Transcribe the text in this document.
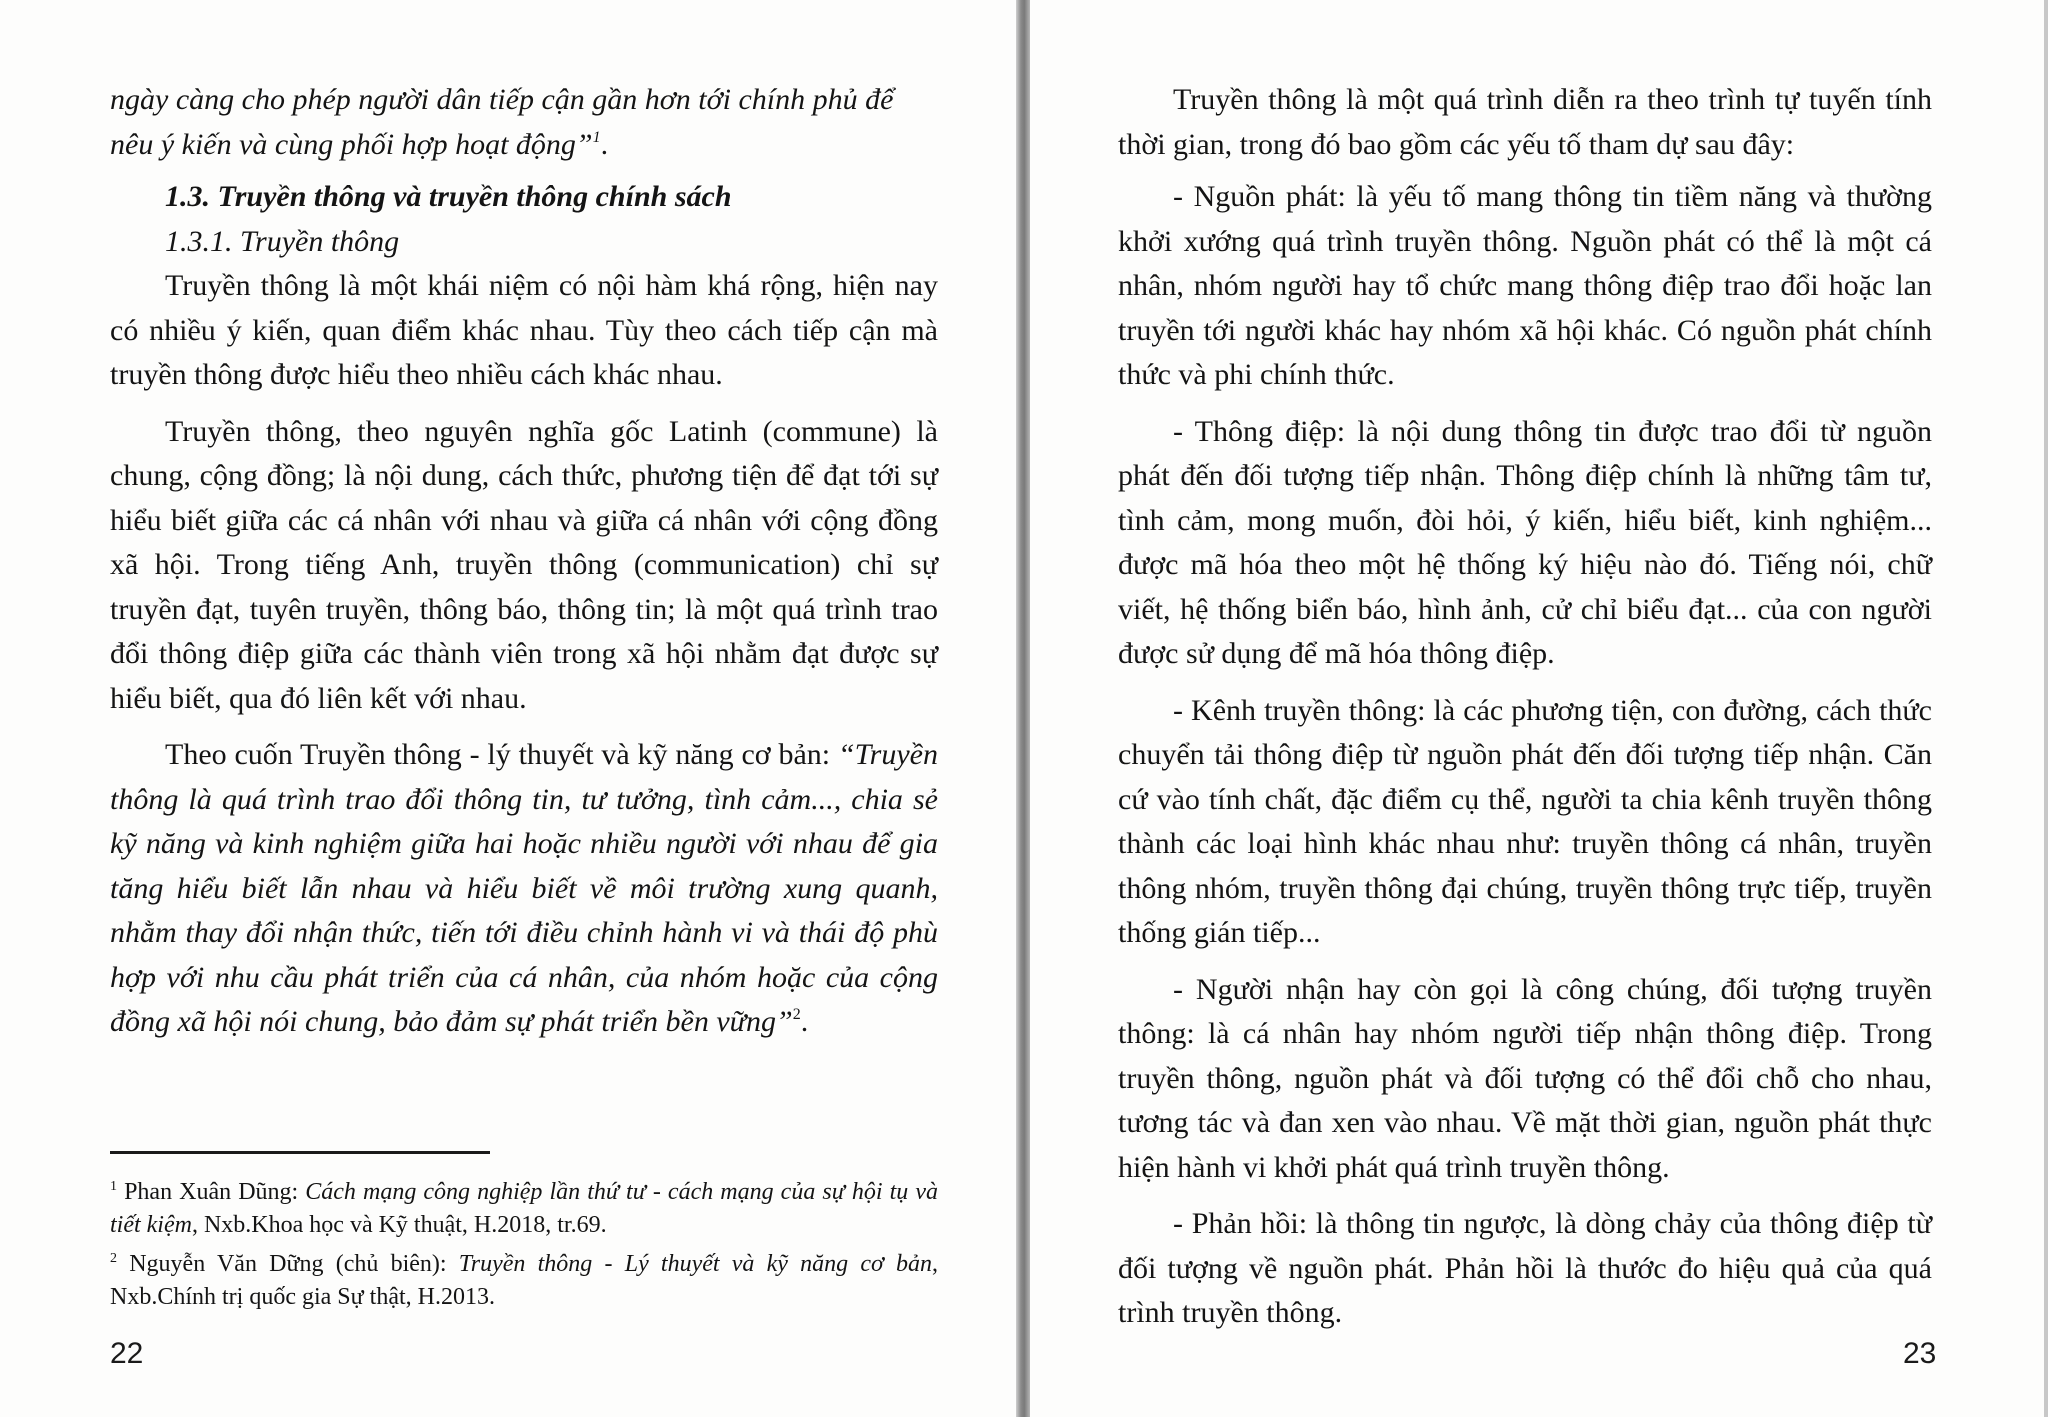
ngày càng cho phép người dân tiếp cận gần hơn tới chính phủ để
nêu ý kiến và cùng phối hợp hoạt động”$^1$.

1.3. Truyền thông và truyền thông chính sách

1.3.1. Truyền thông

Truyền thông là một khái niệm có nội hàm khá rộng, hiện nay có nhiều ý kiến, quan điểm khác nhau. Tùy theo cách tiếp cận mà truyền thông được hiểu theo nhiều cách khác nhau.

Truyền thông, theo nguyên nghĩa gốc Latinh (commune) là chung, cộng đồng; là nội dung, cách thức, phương tiện để đạt tới sự hiểu biết giữa các cá nhân với nhau và giữa cá nhân với cộng đồng xã hội. Trong tiếng Anh, truyền thông (communication) chỉ sự truyền đạt, tuyên truyền, thông báo, thông tin; là một quá trình trao đổi thông điệp giữa các thành viên trong xã hội nhằm đạt được sự hiểu biết, qua đó liên kết với nhau.

Theo cuốn Truyền thông - lý thuyết và kỹ năng cơ bản: “Truyền thông là quá trình trao đổi thông tin, tư tưởng, tình cảm..., chia sẻ kỹ năng và kinh nghiệm giữa hai hoặc nhiều người với nhau để gia tăng hiểu biết lẫn nhau và hiểu biết về môi trường xung quanh, nhằm thay đổi nhận thức, tiến tới điều chỉnh hành vi và thái độ phù hợp với nhu cầu phát triển của cá nhân, của nhóm hoặc của cộng đồng xã hội nói chung, bảo đảm sự phát triển bền vững”$^2$.

$^1$ Phan Xuân Dũng: Cách mạng công nghiệp lần thứ tư - cách mạng của sự hội tụ và tiết kiệm, Nxb.Khoa học và Kỹ thuật, H.2018, tr.69.

$^2$ Nguyễn Văn Dững (chủ biên): Truyền thông - Lý thuyết và kỹ năng cơ bản, Nxb.Chính trị quốc gia Sự thật, H.2013.

22	23

Truyền thông là một quá trình diễn ra theo trình tự tuyến tính thời gian, trong đó bao gồm các yếu tố tham dự sau đây:

- Nguồn phát: là yếu tố mang thông tin tiềm năng và thường khởi xướng quá trình truyền thông. Nguồn phát có thể là một cá nhân, nhóm người hay tổ chức mang thông điệp trao đổi hoặc lan truyền tới người khác hay nhóm xã hội khác. Có nguồn phát chính thức và phi chính thức.

- Thông điệp: là nội dung thông tin được trao đổi từ nguồn phát đến đối tượng tiếp nhận. Thông điệp chính là những tâm tư, tình cảm, mong muốn, đòi hỏi, ý kiến, hiểu biết, kinh nghiệm... được mã hóa theo một hệ thống ký hiệu nào đó. Tiếng nói, chữ viết, hệ thống biển báo, hình ảnh, cử chỉ biểu đạt... của con người được sử dụng để mã hóa thông điệp.

- Kênh truyền thông: là các phương tiện, con đường, cách thức chuyển tải thông điệp từ nguồn phát đến đối tượng tiếp nhận. Căn cứ vào tính chất, đặc điểm cụ thể, người ta chia kênh truyền thông thành các loại hình khác nhau như: truyền thông cá nhân, truyền thông nhóm, truyền thông đại chúng, truyền thông trực tiếp, truyền thống gián tiếp...

- Người nhận hay còn gọi là công chúng, đối tượng truyền thông: là cá nhân hay nhóm người tiếp nhận thông điệp. Trong truyền thông, nguồn phát và đối tượng có thể đổi chỗ cho nhau, tương tác và đan xen vào nhau. Về mặt thời gian, nguồn phát thực hiện hành vi khởi phát quá trình truyền thông.

- Phản hồi: là thông tin ngược, là dòng chảy của thông điệp từ đối tượng về nguồn phát. Phản hồi là thước đo hiệu quả của quá trình truyền thông.
